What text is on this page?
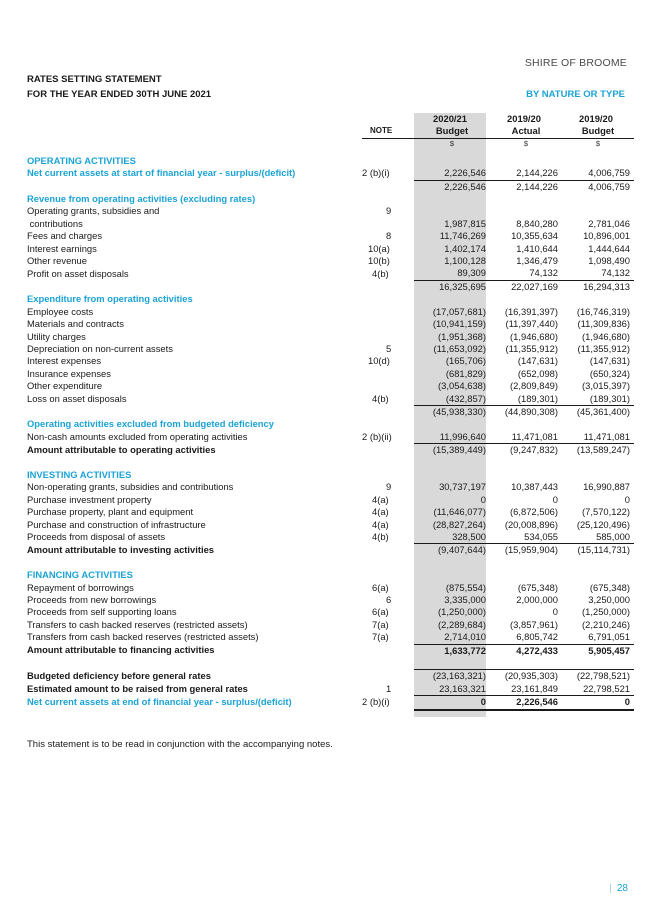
SHIRE OF BROOME
RATES SETTING STATEMENT
FOR THE YEAR ENDED 30TH JUNE 2021	BY NATURE OR TYPE
		2020/21	2019/20	2019/20
	NOTE	Budget	Actual	Budget
		$	$	$

OPERATING ACTIVITIES				
Net current assets at start of financial year - surplus/(deficit)	2 (b)(i)	2,226,546	2,144,226	4,006,759
		2,226,546	2,144,226	4,006,759
Revenue from operating activities (excluding rates)				
Operating grants, subsidies and	9			
contributions		1,987,815	8,840,280	2,781,046
Fees and charges	8	11,746,269	10,355,634	10,896,001
Interest earnings	10(a)	1,402,174	1,410,644	1,444,644
Other revenue	10(b)	1,100,128	1,346,479	1,098,490
Profit on asset disposals	4(b)	89,309	74,132	74,132
		16,325,695	22,027,169	16,294,313
Expenditure from operating activities				
Employee costs		(17,057,681)	(16,391,397)	(16,746,319)
Materials and contracts		(10,941,159)	(11,397,440)	(11,309,836)
Utility charges		(1,951,368)	(1,946,680)	(1,946,680)
Depreciation on non-current assets	5	(11,653,092)	(11,355,912)	(11,355,912)
Interest expenses	10(d)	(165,706)	(147,631)	(147,631)
Insurance expenses		(681,829)	(652,098)	(650,324)
Other expenditure		(3,054,638)	(2,809,849)	(3,015,397)
Loss on asset disposals	4(b)	(432,857)	(189,301)	(189,301)
		(45,938,330)	(44,890,308)	(45,361,400)
Operating activities excluded from budgeted deficiency				
Non-cash amounts excluded from operating activities	2 (b)(ii)	11,996,640	11,471,081	11,471,081
Amount attributable to operating activities		(15,389,449)	(9,247,832)	(13,589,247)

INVESTING ACTIVITIES				
Non-operating grants, subsidies and contributions	9	30,737,197	10,387,443	16,990,887
Purchase investment property	4(a)	0	0	0
Purchase property, plant and equipment	4(a)	(11,646,077)	(6,872,506)	(7,570,122)
Purchase and construction of infrastructure	4(a)	(28,827,264)	(20,008,896)	(25,120,496)
Proceeds from disposal of assets	4(b)	328,500	534,055	585,000
Amount attributable to investing activities		(9,407,644)	(15,959,904)	(15,114,731)

FINANCING ACTIVITIES				
Repayment of borrowings	6(a)	(875,554)	(675,348)	(675,348)
Proceeds from new borrowings	6	3,335,000	2,000,000	3,250,000
Proceeds from self supporting loans	6(a)	(1,250,000)	0	(1,250,000)
Transfers to cash backed reserves (restricted assets)	7(a)	(2,289,684)	(3,857,961)	(2,210,246)
Transfers from cash backed reserves (restricted assets)	7(a)	2,714,010	6,805,742	6,791,051
Amount attributable to financing activities		1,633,772	4,272,433	5,905,457

Budgeted deficiency before general rates		(23,163,321)	(20,935,303)	(22,798,521)
Estimated amount to be raised from general rates	1	23,163,321	23,161,849	22,798,521
Net current assets at end of financial year - surplus/(deficit)	2 (b)(i)	0	2,226,546	0
This statement is to be read in conjunction with the accompanying notes.
| 28
